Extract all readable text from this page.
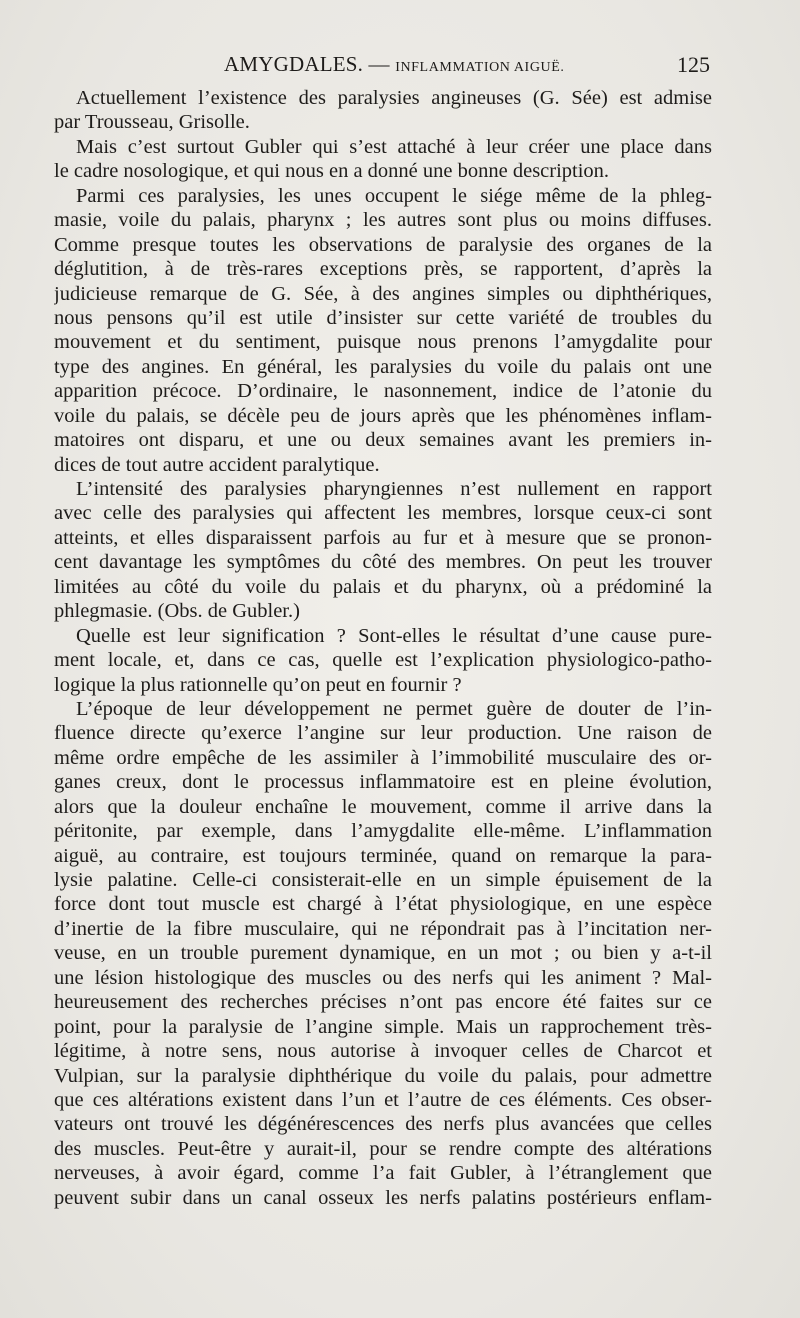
AMYGDALES. — INFLAMMATION AIGUË.	125
Actuellement l’existence des paralysies angineuses (G. Sée) est admise
par Trousseau, Grisolle.
Mais c’est surtout Gubler qui s’est attaché à leur créer une place dans
le cadre nosologique, et qui nous en a donné une bonne description.
Parmi ces paralysies, les unes occupent le siége même de la phleg-
masie, voile du palais, pharynx ; les autres sont plus ou moins diffuses.
Comme presque toutes les observations de paralysie des organes de la
déglutition, à de très-rares exceptions près, se rapportent, d’après la
judicieuse remarque de G. Sée, à des angines simples ou diphthériques,
nous pensons qu’il est utile d’insister sur cette variété de troubles du
mouvement et du sentiment, puisque nous prenons l’amygdalite pour
type des angines. En général, les paralysies du voile du palais ont une
apparition précoce. D’ordinaire, le nasonnement, indice de l’atonie du
voile du palais, se décèle peu de jours après que les phénomènes inflam-
matoires ont disparu, et une ou deux semaines avant les premiers in-
dices de tout autre accident paralytique.
L’intensité des paralysies pharyngiennes n’est nullement en rapport
avec celle des paralysies qui affectent les membres, lorsque ceux-ci sont
atteints, et elles disparaissent parfois au fur et à mesure que se pronon-
cent davantage les symptômes du côté des membres. On peut les trouver
limitées au côté du voile du palais et du pharynx, où a prédominé la
phlegmasie. (Obs. de Gubler.)
Quelle est leur signification ? Sont-elles le résultat d’une cause pure-
ment locale, et, dans ce cas, quelle est l’explication physiologico-patho-
logique la plus rationnelle qu’on peut en fournir ?
L’époque de leur développement ne permet guère de douter de l’in-
fluence directe qu’exerce l’angine sur leur production. Une raison de
même ordre empêche de les assimiler à l’immobilité musculaire des or-
ganes creux, dont le processus inflammatoire est en pleine évolution,
alors que la douleur enchaîne le mouvement, comme il arrive dans la
péritonite, par exemple, dans l’amygdalite elle-même. L’inflammation
aiguë, au contraire, est toujours terminée, quand on remarque la para-
lysie palatine. Celle-ci consisterait-elle en un simple épuisement de la
force dont tout muscle est chargé à l’état physiologique, en une espèce
d’inertie de la fibre musculaire, qui ne répondrait pas à l’incitation ner-
veuse, en un trouble purement dynamique, en un mot ; ou bien y a-t-il
une lésion histologique des muscles ou des nerfs qui les animent ? Mal-
heureusement des recherches précises n’ont pas encore été faites sur ce
point, pour la paralysie de l’angine simple. Mais un rapprochement très-
légitime, à notre sens, nous autorise à invoquer celles de Charcot et
Vulpian, sur la paralysie diphthérique du voile du palais, pour admettre
que ces altérations existent dans l’un et l’autre de ces éléments. Ces obser-
vateurs ont trouvé les dégénérescences des nerfs plus avancées que celles
des muscles. Peut-être y aurait-il, pour se rendre compte des altérations
nerveuses, à avoir égard, comme l’a fait Gubler, à l’étranglement que
peuvent subir dans un canal osseux les nerfs palatins postérieurs enflam-
